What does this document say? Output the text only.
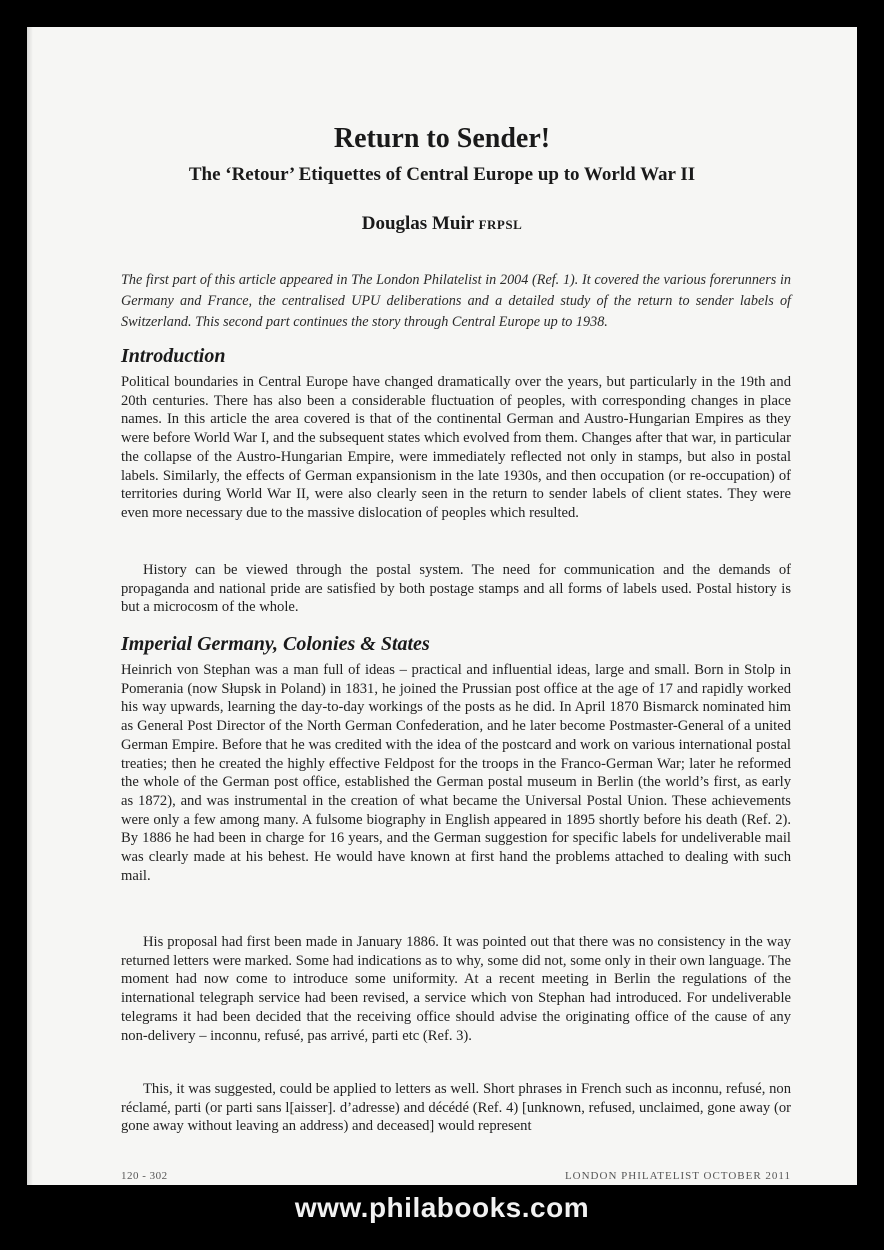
Return to Sender!
The ‘Retour’ Etiquettes of Central Europe up to World War II
Douglas Muir FRPSL
The first part of this article appeared in The London Philatelist in 2004 (Ref. 1). It covered the various forerunners in Germany and France, the centralised UPU deliberations and a detailed study of the return to sender labels of Switzerland. This second part continues the story through Central Europe up to 1938.
Introduction

Political boundaries in Central Europe have changed dramatically over the years, but particularly in the 19th and 20th centuries. There has also been a considerable fluctuation of peoples, with corresponding changes in place names. In this article the area covered is that of the continental German and Austro-Hungarian Empires as they were before World War I, and the subsequent states which evolved from them. Changes after that war, in particular the collapse of the Austro-Hungarian Empire, were immediately reflected not only in stamps, but also in postal labels. Similarly, the effects of German expansionism in the late 1930s, and then occupation (or re-occupation) of territories during World War II, were also clearly seen in the return to sender labels of client states. They were even more necessary due to the massive dislocation of peoples which resulted.

History can be viewed through the postal system. The need for communication and the demands of propaganda and national pride are satisfied by both postage stamps and all forms of labels used. Postal history is but a microcosm of the whole.

Imperial Germany, Colonies & States

Heinrich von Stephan was a man full of ideas – practical and influential ideas, large and small. Born in Stolp in Pomerania (now Słupsk in Poland) in 1831, he joined the Prussian post office at the age of 17 and rapidly worked his way upwards, learning the day-to-day workings of the posts as he did. In April 1870 Bismarck nominated him as General Post Director of the North German Confederation, and he later become Postmaster-General of a united German Empire. Before that he was credited with the idea of the postcard and work on various international postal treaties; then he created the highly effective Feldpost for the troops in the Franco-German War; later he reformed the whole of the German post office, established the German postal museum in Berlin (the world’s first, as early as 1872), and was instrumental in the creation of what became the Universal Postal Union. These achievements were only a few among many. A fulsome biography in English appeared in 1895 shortly before his death (Ref. 2). By 1886 he had been in charge for 16 years, and the German suggestion for specific labels for undeliverable mail was clearly made at his behest. He would have known at first hand the problems attached to dealing with such mail.

His proposal had first been made in January 1886. It was pointed out that there was no consistency in the way returned letters were marked. Some had indications as to why, some did not, some only in their own language. The moment had now come to introduce some uniformity. At a recent meeting in Berlin the regulations of the international telegraph service had been revised, a service which von Stephan had introduced. For undeliverable telegrams it had been decided that the receiving office should advise the originating office of the cause of any non-delivery – inconnu, refusé, pas arrivé, parti etc (Ref. 3).

This, it was suggested, could be applied to letters as well. Short phrases in French such as inconnu, refusé, non réclamé, parti (or parti sans l[aisser]. d’adresse) and décédé (Ref. 4) [unknown, refused, unclaimed, gone away (or gone away without leaving an address) and deceased] would represent

120 - 302	LONDON PHILATELIST OCTOBER 2011
www.philabooks.com
